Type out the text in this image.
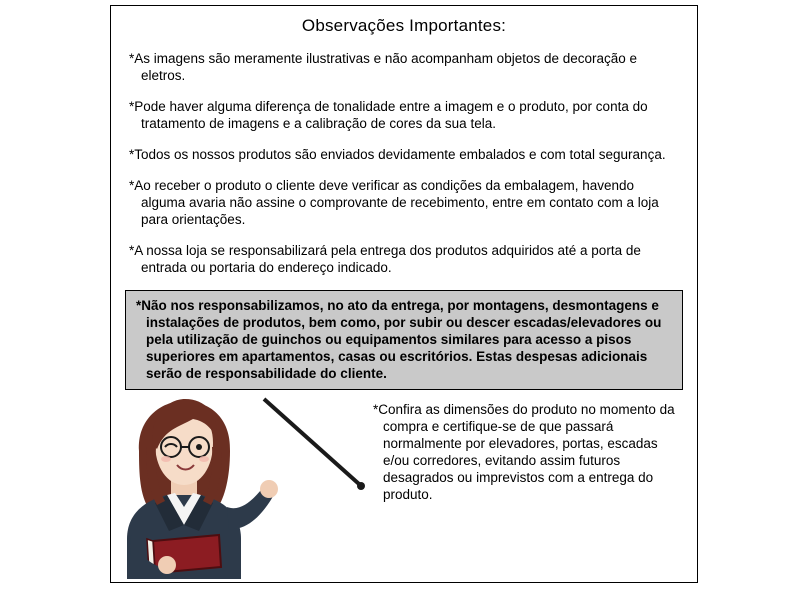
Observações Importantes:
*As imagens são meramente ilustrativas e não acompanham objetos de decoração e eletros.
*Pode haver alguma diferença de tonalidade entre a imagem e o produto, por conta do tratamento de imagens e a calibração de cores da sua tela.
*Todos os nossos produtos são enviados devidamente embalados e com total segurança.
*Ao receber o produto o cliente deve verificar as condições da embalagem, havendo alguma avaria não assine o comprovante de recebimento, entre em contato com a loja para orientações.
*A nossa loja se responsabilizará pela entrega dos produtos adquiridos até a porta de entrada ou portaria do endereço indicado.
*Não nos responsabilizamos, no ato da entrega, por montagens, desmontagens e instalações de produtos, bem como, por subir ou descer escadas/elevadores ou pela utilização de guinchos ou equipamentos similares para acesso a pisos superiores em apartamentos, casas ou escritórios. Estas despesas adicionais serão de responsabilidade do cliente.
*Confira as dimensões do produto no momento da compra e certifique-se de que passará normalmente por elevadores, portas, escadas e/ou corredores, evitando assim futuros desagrados ou imprevistos com a entrega do produto.
